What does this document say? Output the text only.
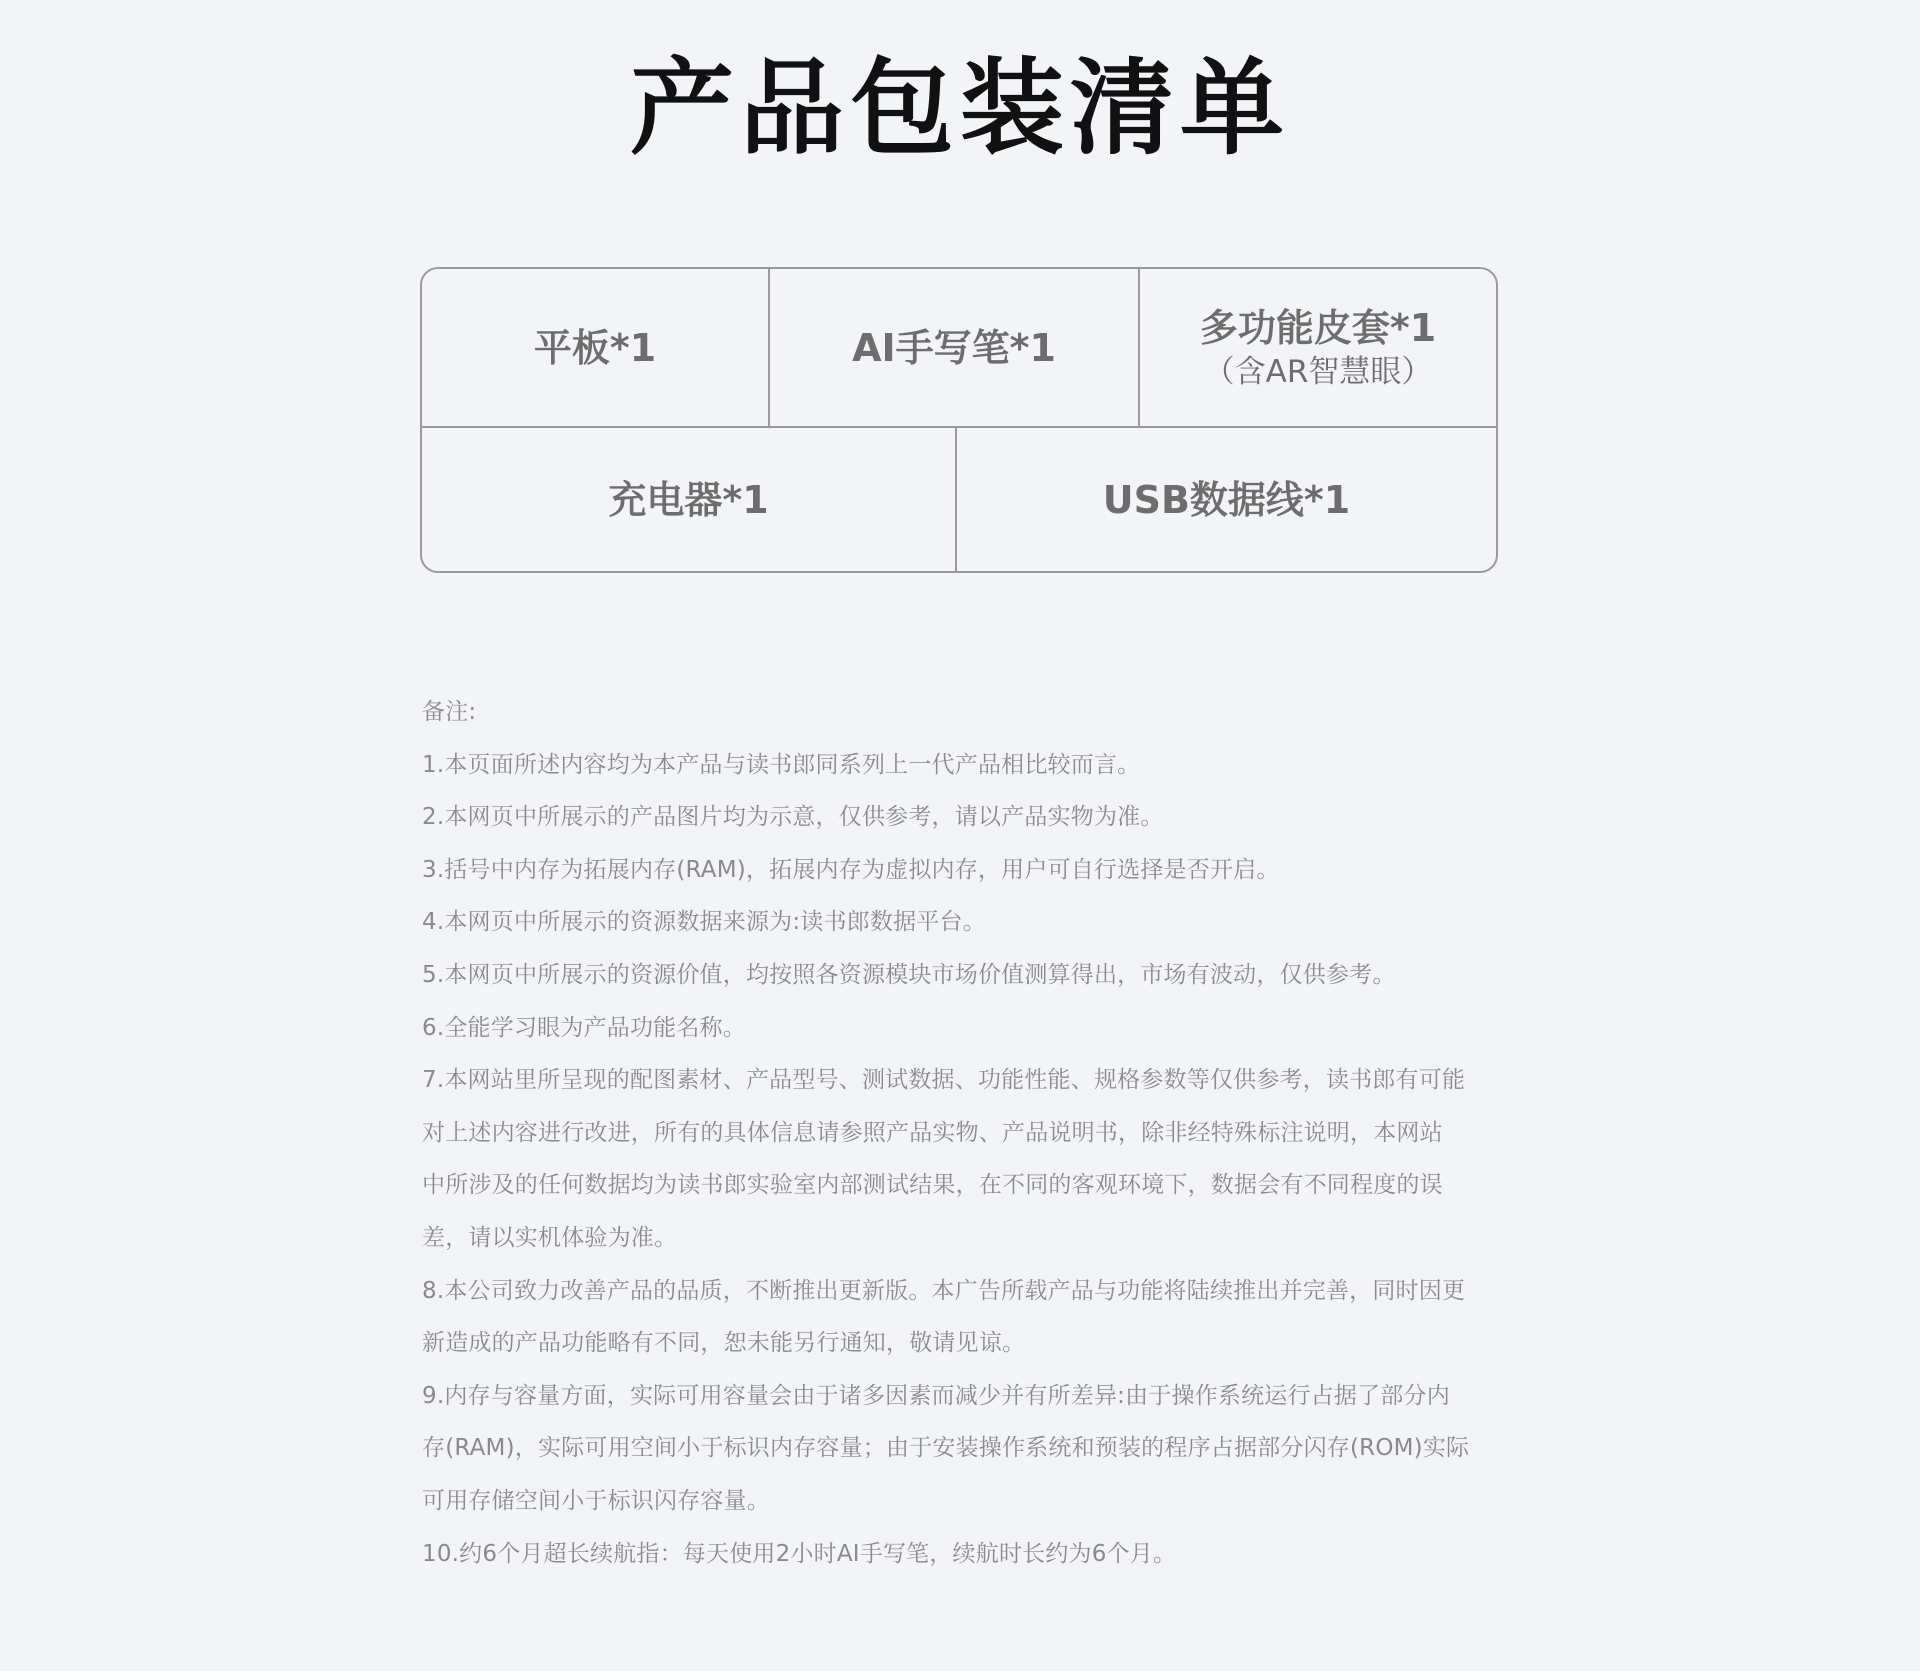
产品包装清单
平板*1	AI手写笔*1	多功能皮套*1
（含AR智慧眼）
充电器*1	USB数据线*1
备注:
1.本页面所述内容均为本产品与读书郎同系列上一代产品相比较而言。
2.本网页中所展示的产品图片均为示意，仅供参考，请以产品实物为准。
3.括号中内存为拓展内存(RAM)，拓展内存为虚拟内存，用户可自行选择是否开启。
4.本网页中所展示的资源数据来源为:读书郎数据平台。
5.本网页中所展示的资源价值，均按照各资源模块市场价值测算得出，市场有波动，仅供参考。
6.全能学习眼为产品功能名称。
7.本网站里所呈现的配图素材、产品型号、测试数据、功能性能、规格参数等仅供参考，读书郎有可能
对上述内容进行改进，所有的具体信息请参照产品实物、产品说明书，除非经特殊标注说明，本网站
中所涉及的任何数据均为读书郎实验室内部测试结果，在不同的客观环境下，数据会有不同程度的误
差，请以实机体验为准。
8.本公司致力改善产品的品质，不断推出更新版。本广告所载产品与功能将陆续推出并完善，同时因更
新造成的产品功能略有不同，恕未能另行通知，敬请见谅。
9.内存与容量方面，实际可用容量会由于诸多因素而减少并有所差异:由于操作系统运行占据了部分内
存(RAM)，实际可用空间小于标识内存容量；由于安装操作系统和预装的程序占据部分闪存(ROM)实际
可用存储空间小于标识闪存容量。
10.约6个月超长续航指：每天使用2小时AI手写笔，续航时长约为6个月。
